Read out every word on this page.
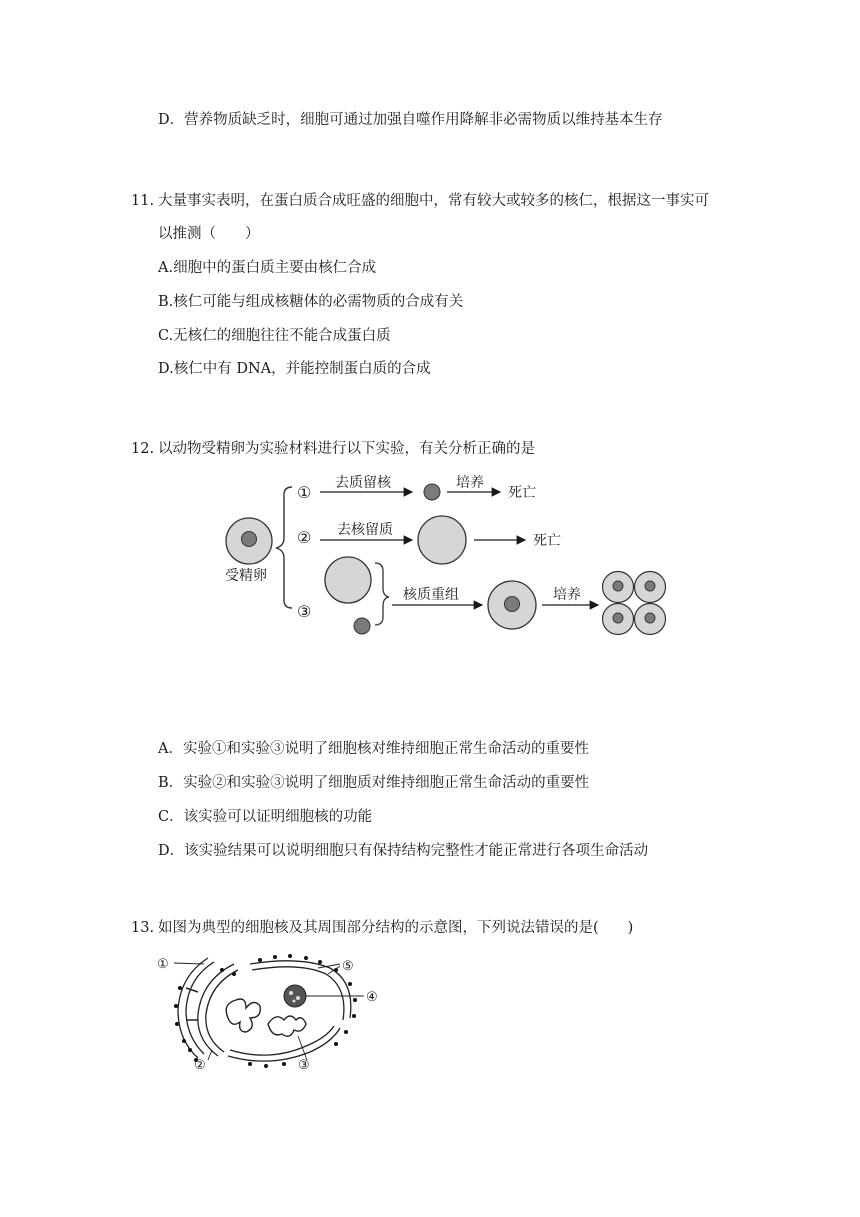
D．营养物质缺乏时，细胞可通过加强自噬作用降解非必需物质以维持基本生存
11. 大量事实表明，在蛋白质合成旺盛的细胞中，常有较大或较多的核仁，根据这一事实可
以推测（　　）
A.细胞中的蛋白质主要由核仁合成
B.核仁可能与组成核糖体的必需物质的合成有关
C.无核仁的细胞往往不能合成蛋白质
D.核仁中有 DNA，并能控制蛋白质的合成
12. 以动物受精卵为实验材料进行以下实验，有关分析正确的是
受精卵
① 去质留核	培养
死亡
② 去核留质
死亡
③
核质重组	培养
A．实验①和实验③说明了细胞核对维持细胞正常生命活动的重要性
B．实验②和实验③说明了细胞质对维持细胞正常生命活动的重要性
C．该实验可以证明细胞核的功能
D．该实验结果可以说明细胞只有保持结构完整性才能正常进行各项生命活动
13. 如图为典型的细胞核及其周围部分结构的示意图，下列说法错误的是(　　)
①
②	③
④
⑤
